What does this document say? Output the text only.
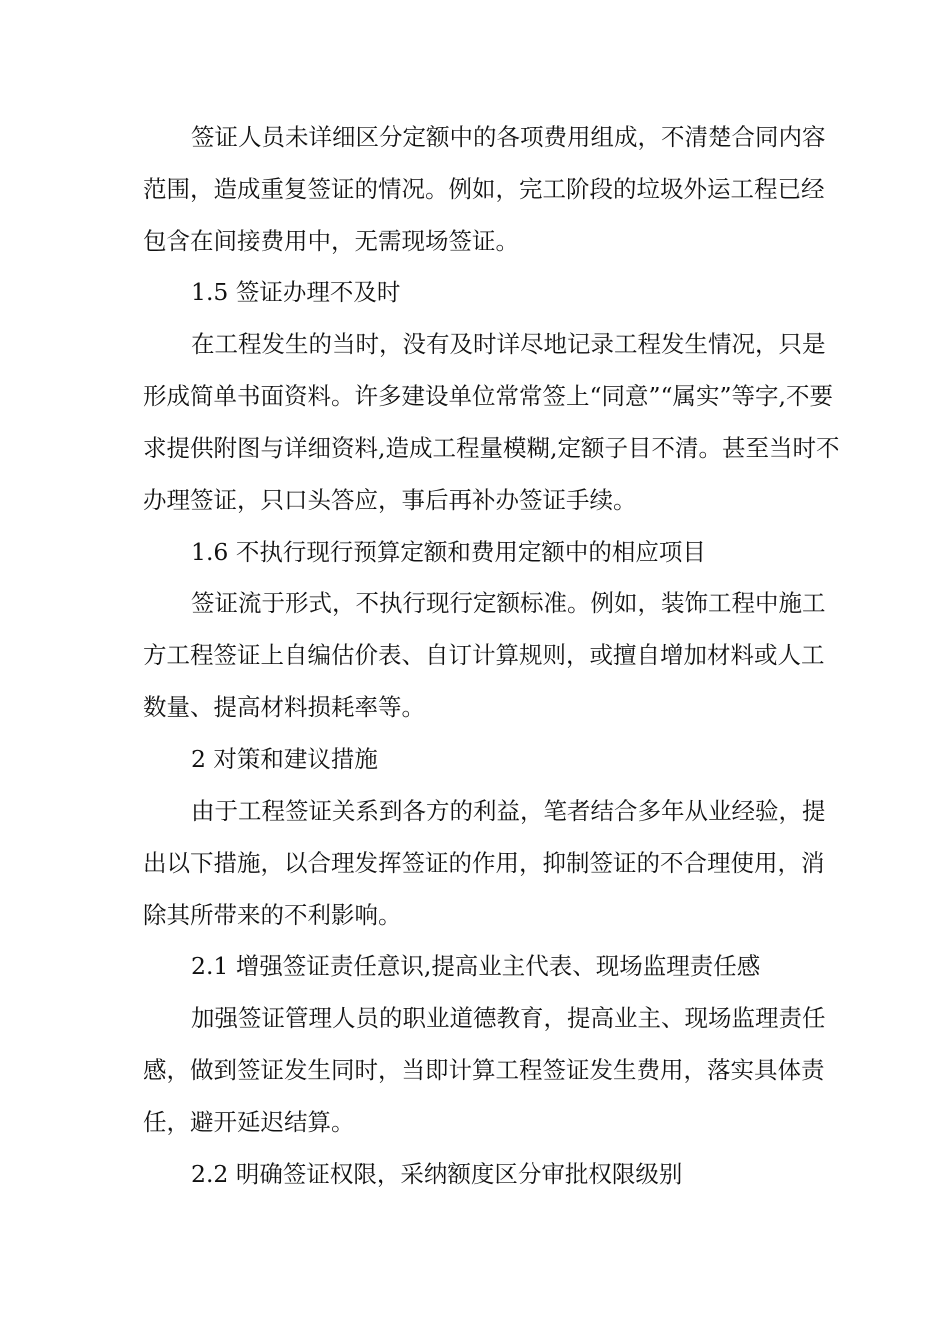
签证人员未详细区分定额中的各项费用组成，不清楚合同内容
范围，造成重复签证的情况。例如，完工阶段的垃圾外运工程已经
包含在间接费用中，无需现场签证。
1.5 签证办理不及时
在工程发生的当时，没有及时详尽地记录工程发生情况，只是
形成简单书面资料。许多建设单位常常签上“同意”“属实”等字,不要
求提供附图与详细资料,造成工程量模糊,定额子目不清。甚至当时不
办理签证，只口头答应，事后再补办签证手续。
1.6 不执行现行预算定额和费用定额中的相应项目
签证流于形式，不执行现行定额标准。例如，装饰工程中施工
方工程签证上自编估价表、自订计算规则，或擅自增加材料或人工
数量、提高材料损耗率等。
2 对策和建议措施
由于工程签证关系到各方的利益，笔者结合多年从业经验，提
出以下措施，以合理发挥签证的作用，抑制签证的不合理使用，消
除其所带来的不利影响。
2.1 增强签证责任意识,提高业主代表、现场监理责任感
加强签证管理人员的职业道德教育，提高业主、现场监理责任
感，做到签证发生同时，当即计算工程签证发生费用，落实具体责
任，避开延迟结算。
2.2 明确签证权限，采纳额度区分审批权限级别
